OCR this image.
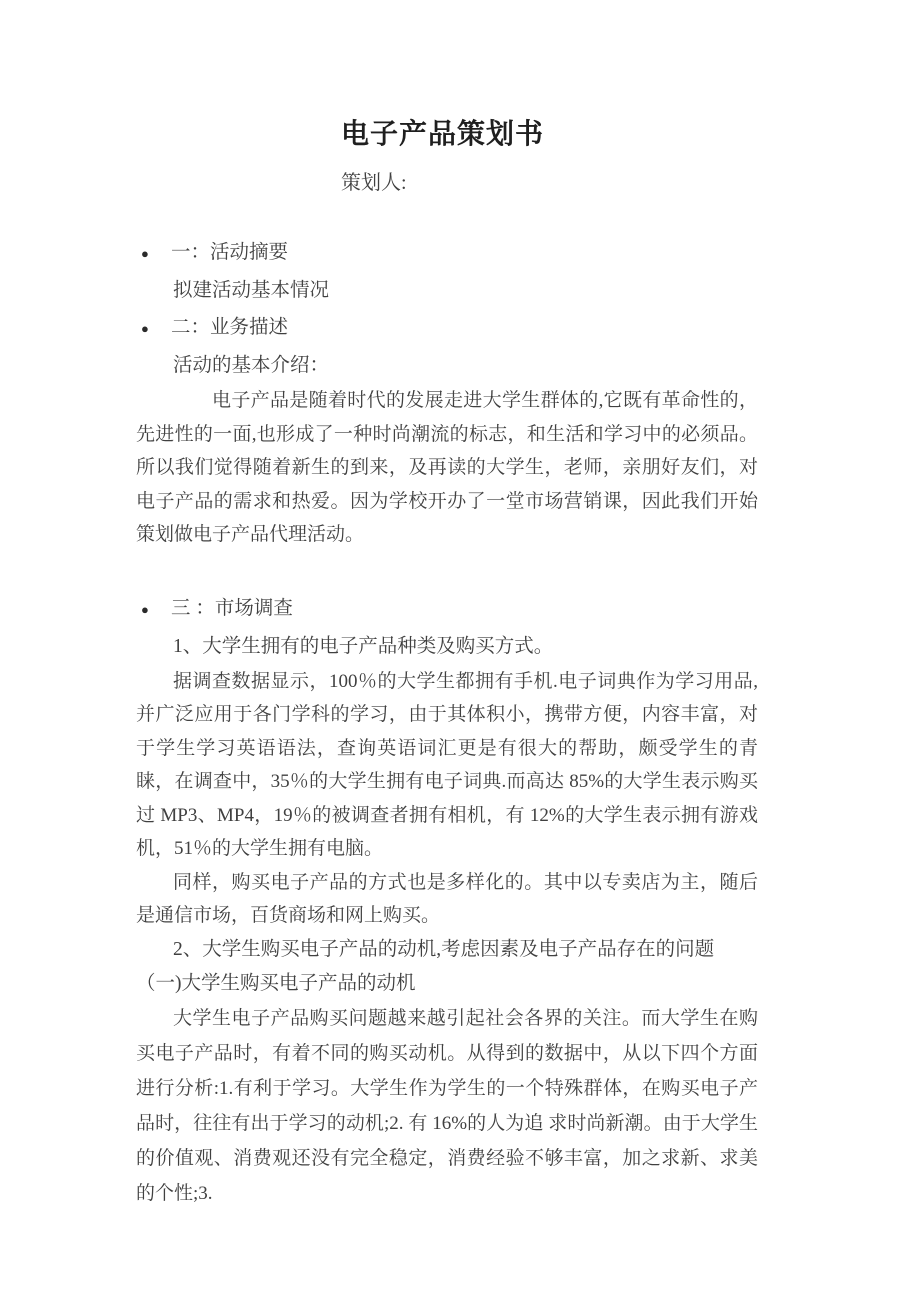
电子产品策划书

策划人:

●	一：活动摘要
拟建活动基本情况
●	二：业务描述
活动的基本介绍：

电子产品是随着时代的发展走进大学生群体的,它既有革命性的，先进性的一面,也形成了一种时尚潮流的标志，和生活和学习中的必须品。 所以我们觉得随着新生的到来，及再读的大学生，老师，亲朋好友们，对电子产品的需求和热爱。因为学校开办了一堂市场营销课，因此我们开始策划做电子产品代理活动。

●	三 ：市场调查
1、大学生拥有的电子产品种类及购买方式。

据调查数据显示，100％的大学生都拥有手机.电子词典作为学习用品,并广泛应用于各门学科的学习，由于其体积小，携带方便，内容丰富，对于学生学习英语语法，查询英语词汇更是有很大的帮助，颇受学生的青睐，在调查中，35％的大学生拥有电子词典.而高达 85%的大学生表示购买过 MP3、MP4，19％的被调查者拥有相机，有 12%的大学生表示拥有游戏机，51％的大学生拥有电脑。

同样，购买电子产品的方式也是多样化的。其中以专卖店为主，随后是通信市场，百货商场和网上购买。

2、大学生购买电子产品的动机,考虑因素及电子产品存在的问题
（一)大学生购买电子产品的动机

大学生电子产品购买问题越来越引起社会各界的关注。而大学生在购买电子产品时，有着不同的购买动机。从得到的数据中，从以下四个方面进行分析:1.有利于学习。大学生作为学生的一个特殊群体，在购买电子产品时，往往有出于学习的动机;2. 有 16%的人为追 求时尚新潮。由于大学生的价值观、消费观还没有完全稳定，消费经验不够丰富，加之求新、求美的个性;3.
